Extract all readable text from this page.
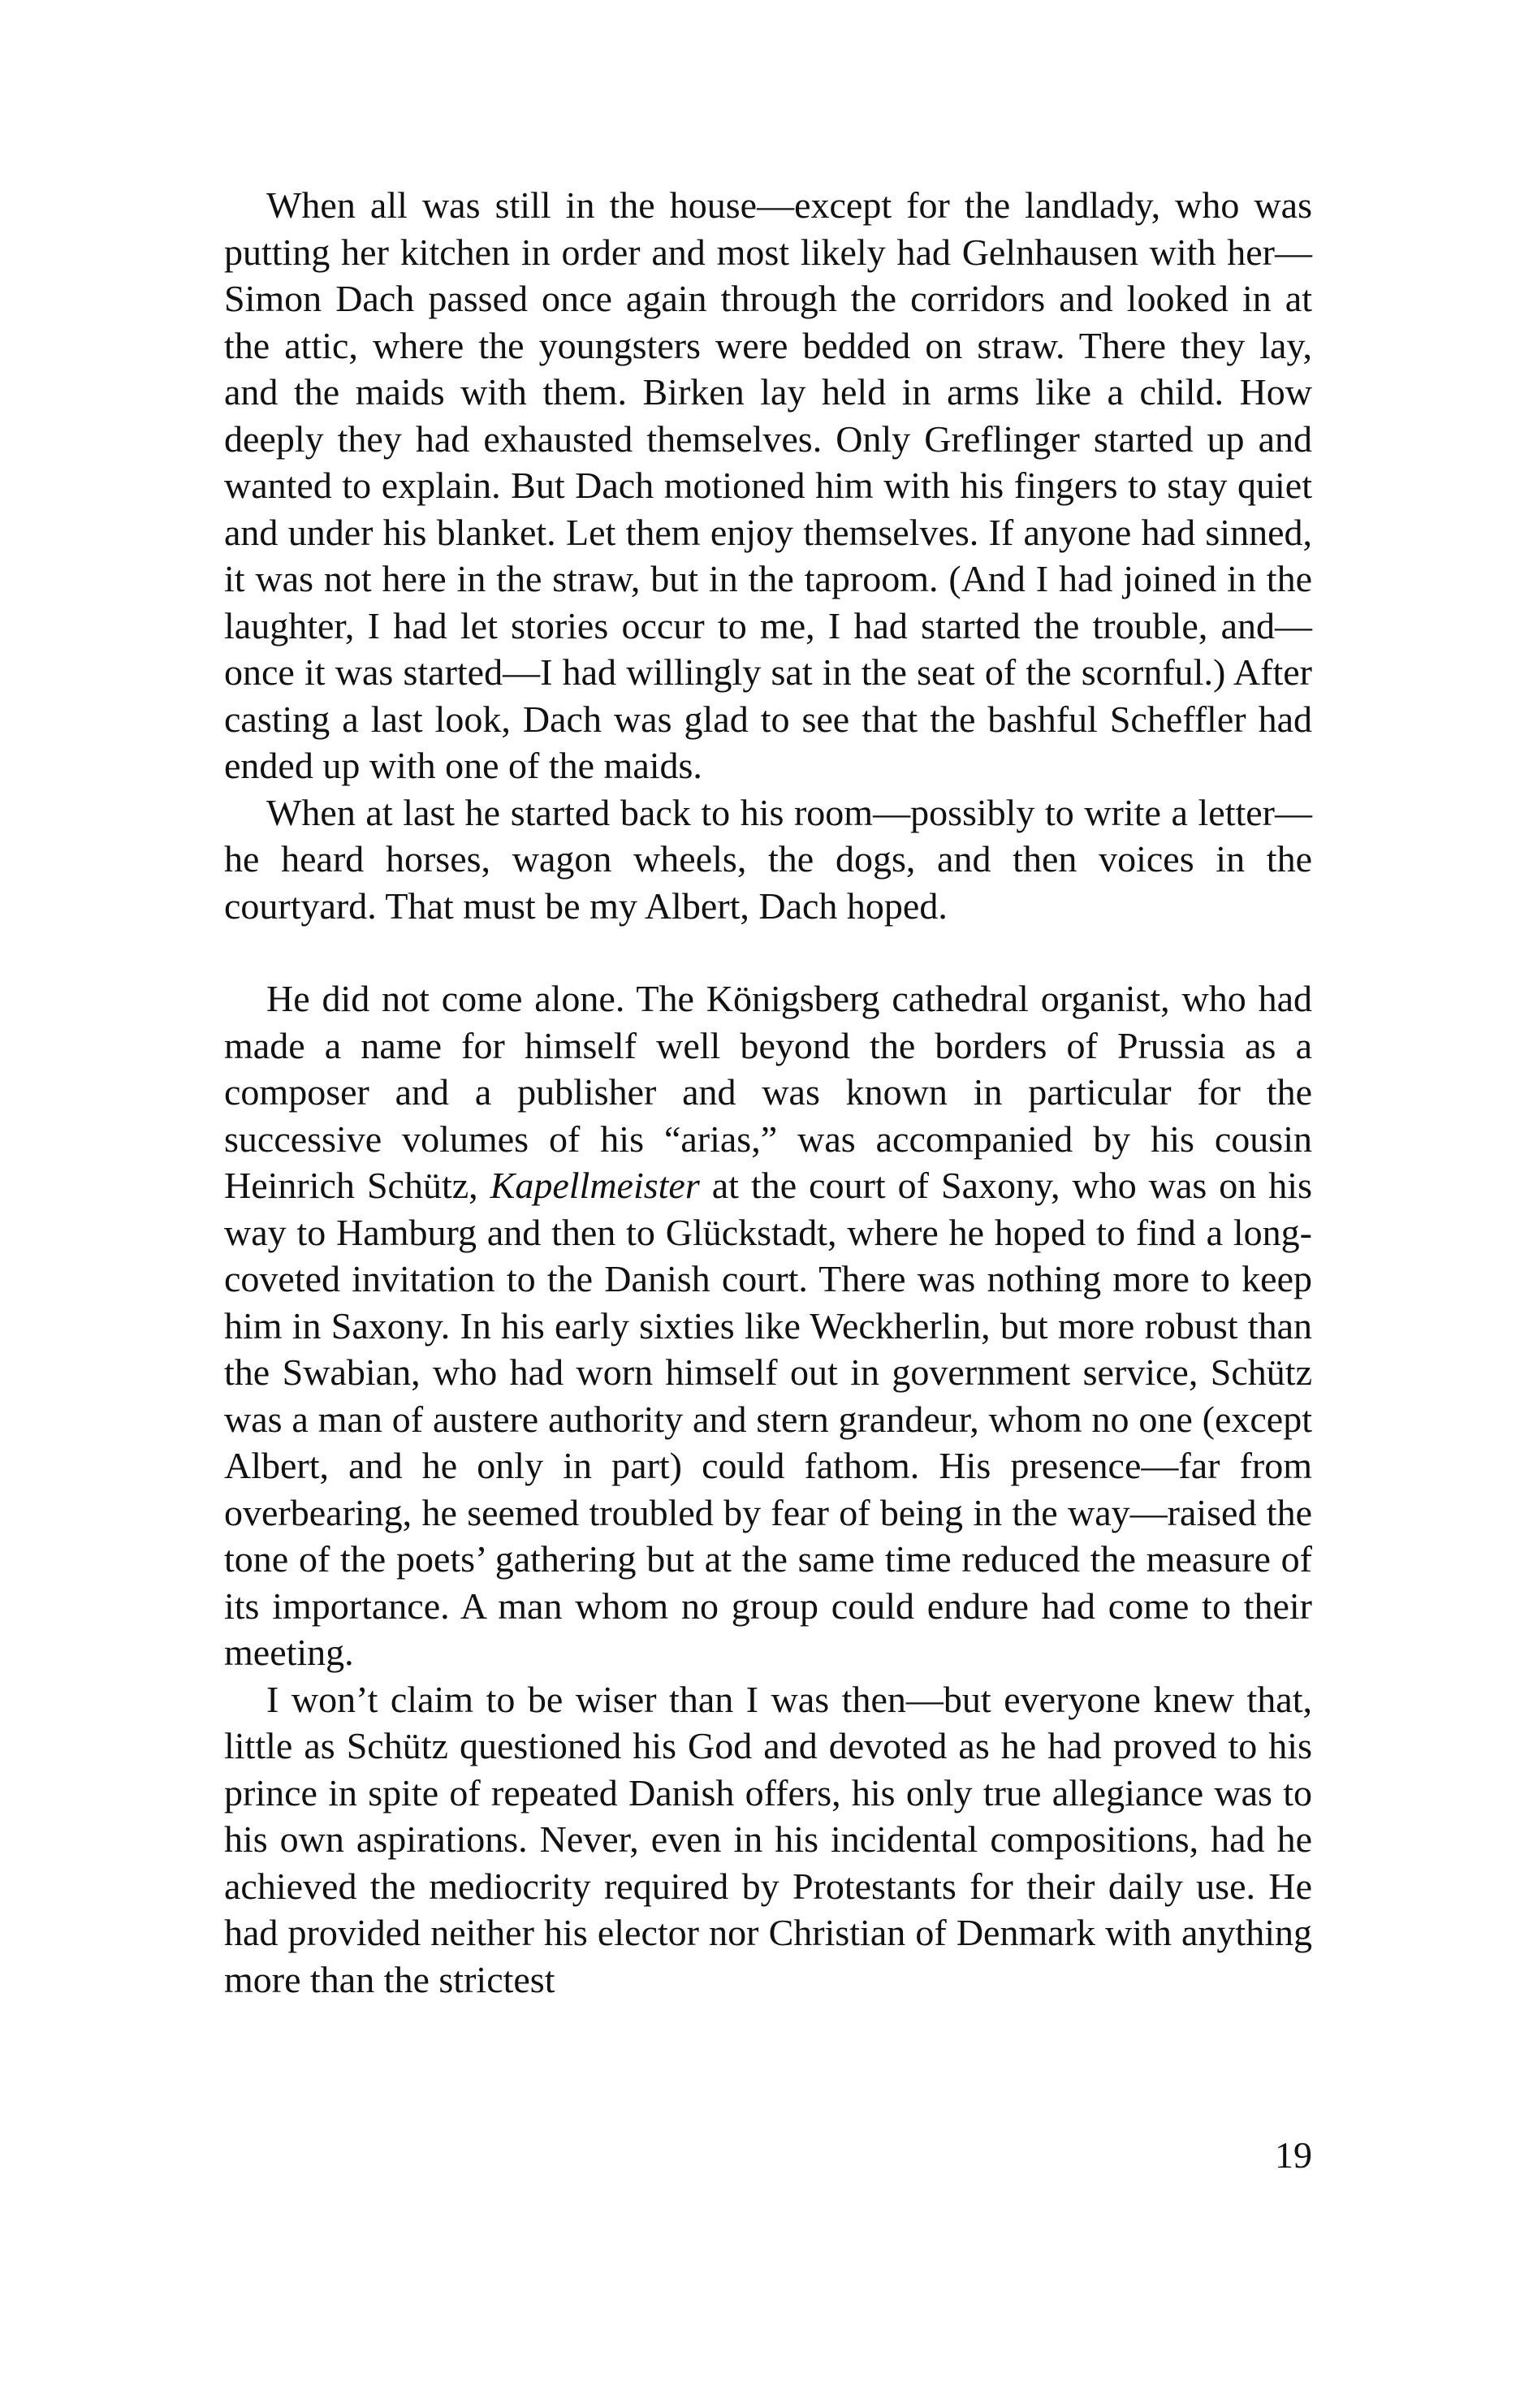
When all was still in the house—except for the landlady, who was putting her kitchen in order and most likely had Gelnhausen with her—Simon Dach passed once again through the corridors and looked in at the attic, where the youngsters were bedded on straw. There they lay, and the maids with them. Birken lay held in arms like a child. How deeply they had exhausted themselves. Only Greflinger started up and wanted to explain. But Dach motioned him with his fingers to stay quiet and under his blanket. Let them enjoy themselves. If anyone had sinned, it was not here in the straw, but in the taproom. (And I had joined in the laughter, I had let stories occur to me, I had started the trouble, and—once it was started—I had willingly sat in the seat of the scornful.) After casting a last look, Dach was glad to see that the bashful Scheffler had ended up with one of the maids.

When at last he started back to his room—possibly to write a letter—he heard horses, wagon wheels, the dogs, and then voices in the courtyard. That must be my Albert, Dach hoped.

He did not come alone. The Königsberg cathedral organist, who had made a name for himself well beyond the borders of Prussia as a composer and a publisher and was known in particular for the successive volumes of his “arias,” was accompanied by his cousin Heinrich Schütz, Kapellmeister at the court of Saxony, who was on his way to Hamburg and then to Glückstadt, where he hoped to find a long-coveted invitation to the Danish court. There was nothing more to keep him in Saxony. In his early sixties like Weckherlin, but more robust than the Swabian, who had worn himself out in government service, Schütz was a man of austere authority and stern grandeur, whom no one (except Albert, and he only in part) could fathom. His presence—far from overbearing, he seemed troubled by fear of being in the way—raised the tone of the poets’ gathering but at the same time reduced the measure of its importance. A man whom no group could endure had come to their meeting.

I won’t claim to be wiser than I was then—but everyone knew that, little as Schütz questioned his God and devoted as he had proved to his prince in spite of repeated Danish offers, his only true allegiance was to his own aspirations. Never, even in his incidental compositions, had he achieved the mediocrity required by Protestants for their daily use. He had provided neither his elector nor Christian of Denmark with anything more than the strictest

19
